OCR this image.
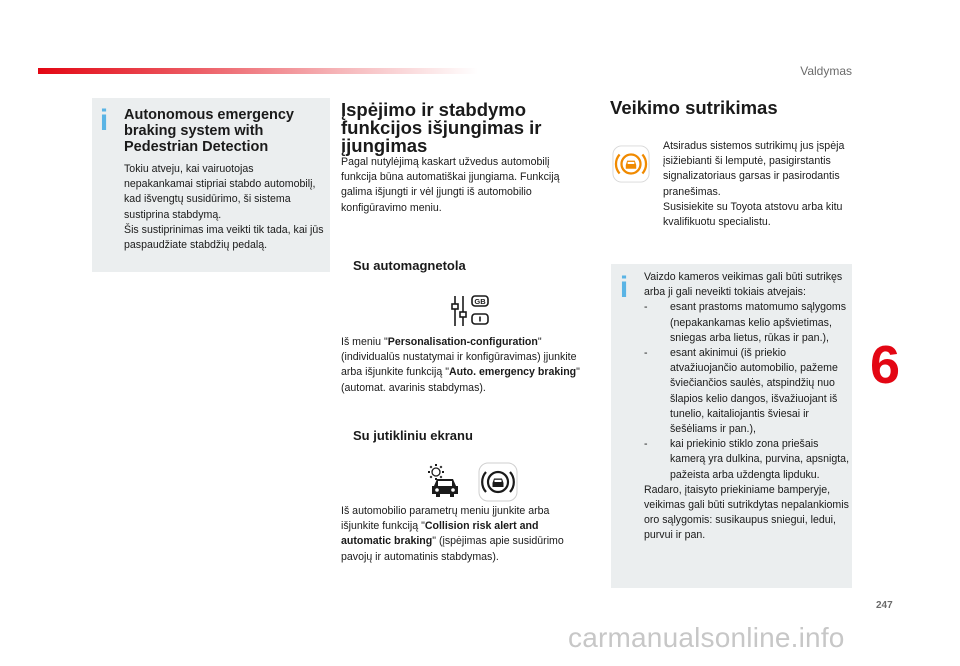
Valdymas
i Autonomous emergency braking system with Pedestrian Detection

Tokiu atveju, kai vairuotojas nepakankamai stipriai stabdo automobilį, kad išvengtų susidūrimo, ši sistema sustiprina stabdymą.

Šis sustiprinimas ima veikti tik tada, kai jūs paspaudžiate stabdžių pedalą.

Įspėjimo ir stabdymo funkcijos išjungimas ir įjungimas

Pagal nutylėjimą kaskart užvedus automobilį funkcija būna automatiškai įjungiama. Funkciją galima išjungti ir vėl įjungti iš automobilio konfigūravimo meniu.

Su automagnetola
GB

Iš meniu "Personalisation-configuration" (individualūs nustatymai ir konfigūravimas) įjunkite arba išjunkite funkciją "Auto. emergency braking" (automat. avarinis stabdymas).

Su jutikliniu ekranu

Iš automobilio parametrų meniu įjunkite arba išjunkite funkciją "Collision risk alert and automatic braking" (įspėjimas apie susidūrimo pavojų ir automatinis stabdymas).

Veikimo sutrikimas

Atsiradus sistemos sutrikimų jus įspėja įsižiebianti ši lemputė, pasigirstantis signalizatoriaus garsas ir pasirodantis pranešimas.

Susisiekite su Toyota atstovu arba kitu kvalifikuotu specialistu.

i Vaizdo kameros veikimas gali būti sutrikęs arba ji gali neveikti tokiais atvejais:

- esant prastoms matomumo sąlygoms (nepakankamas kelio apšvietimas, sniegas arba lietus, rūkas ir pan.),
- esant akinimui (iš priekio atvažiuojančio automobilio, pažeme šviečiančios saulės, atspindžių nuo šlapios kelio dangos, išvažiuojant iš tunelio, kaitaliojantis šviesai ir šešėliams ir pan.),
- kai priekinio stiklo zona priešais kamerą yra dulkina, purvina, apsnigta, pažeista arba uždengta lipduku.

Radaro, įtaisyto priekiniame bamperyje, veikimas gali būti sutrikdytas nepalankiomis oro sąlygomis: susikaupus sniegui, ledui, purvui ir pan.

6
247
carmanualsonline.info
